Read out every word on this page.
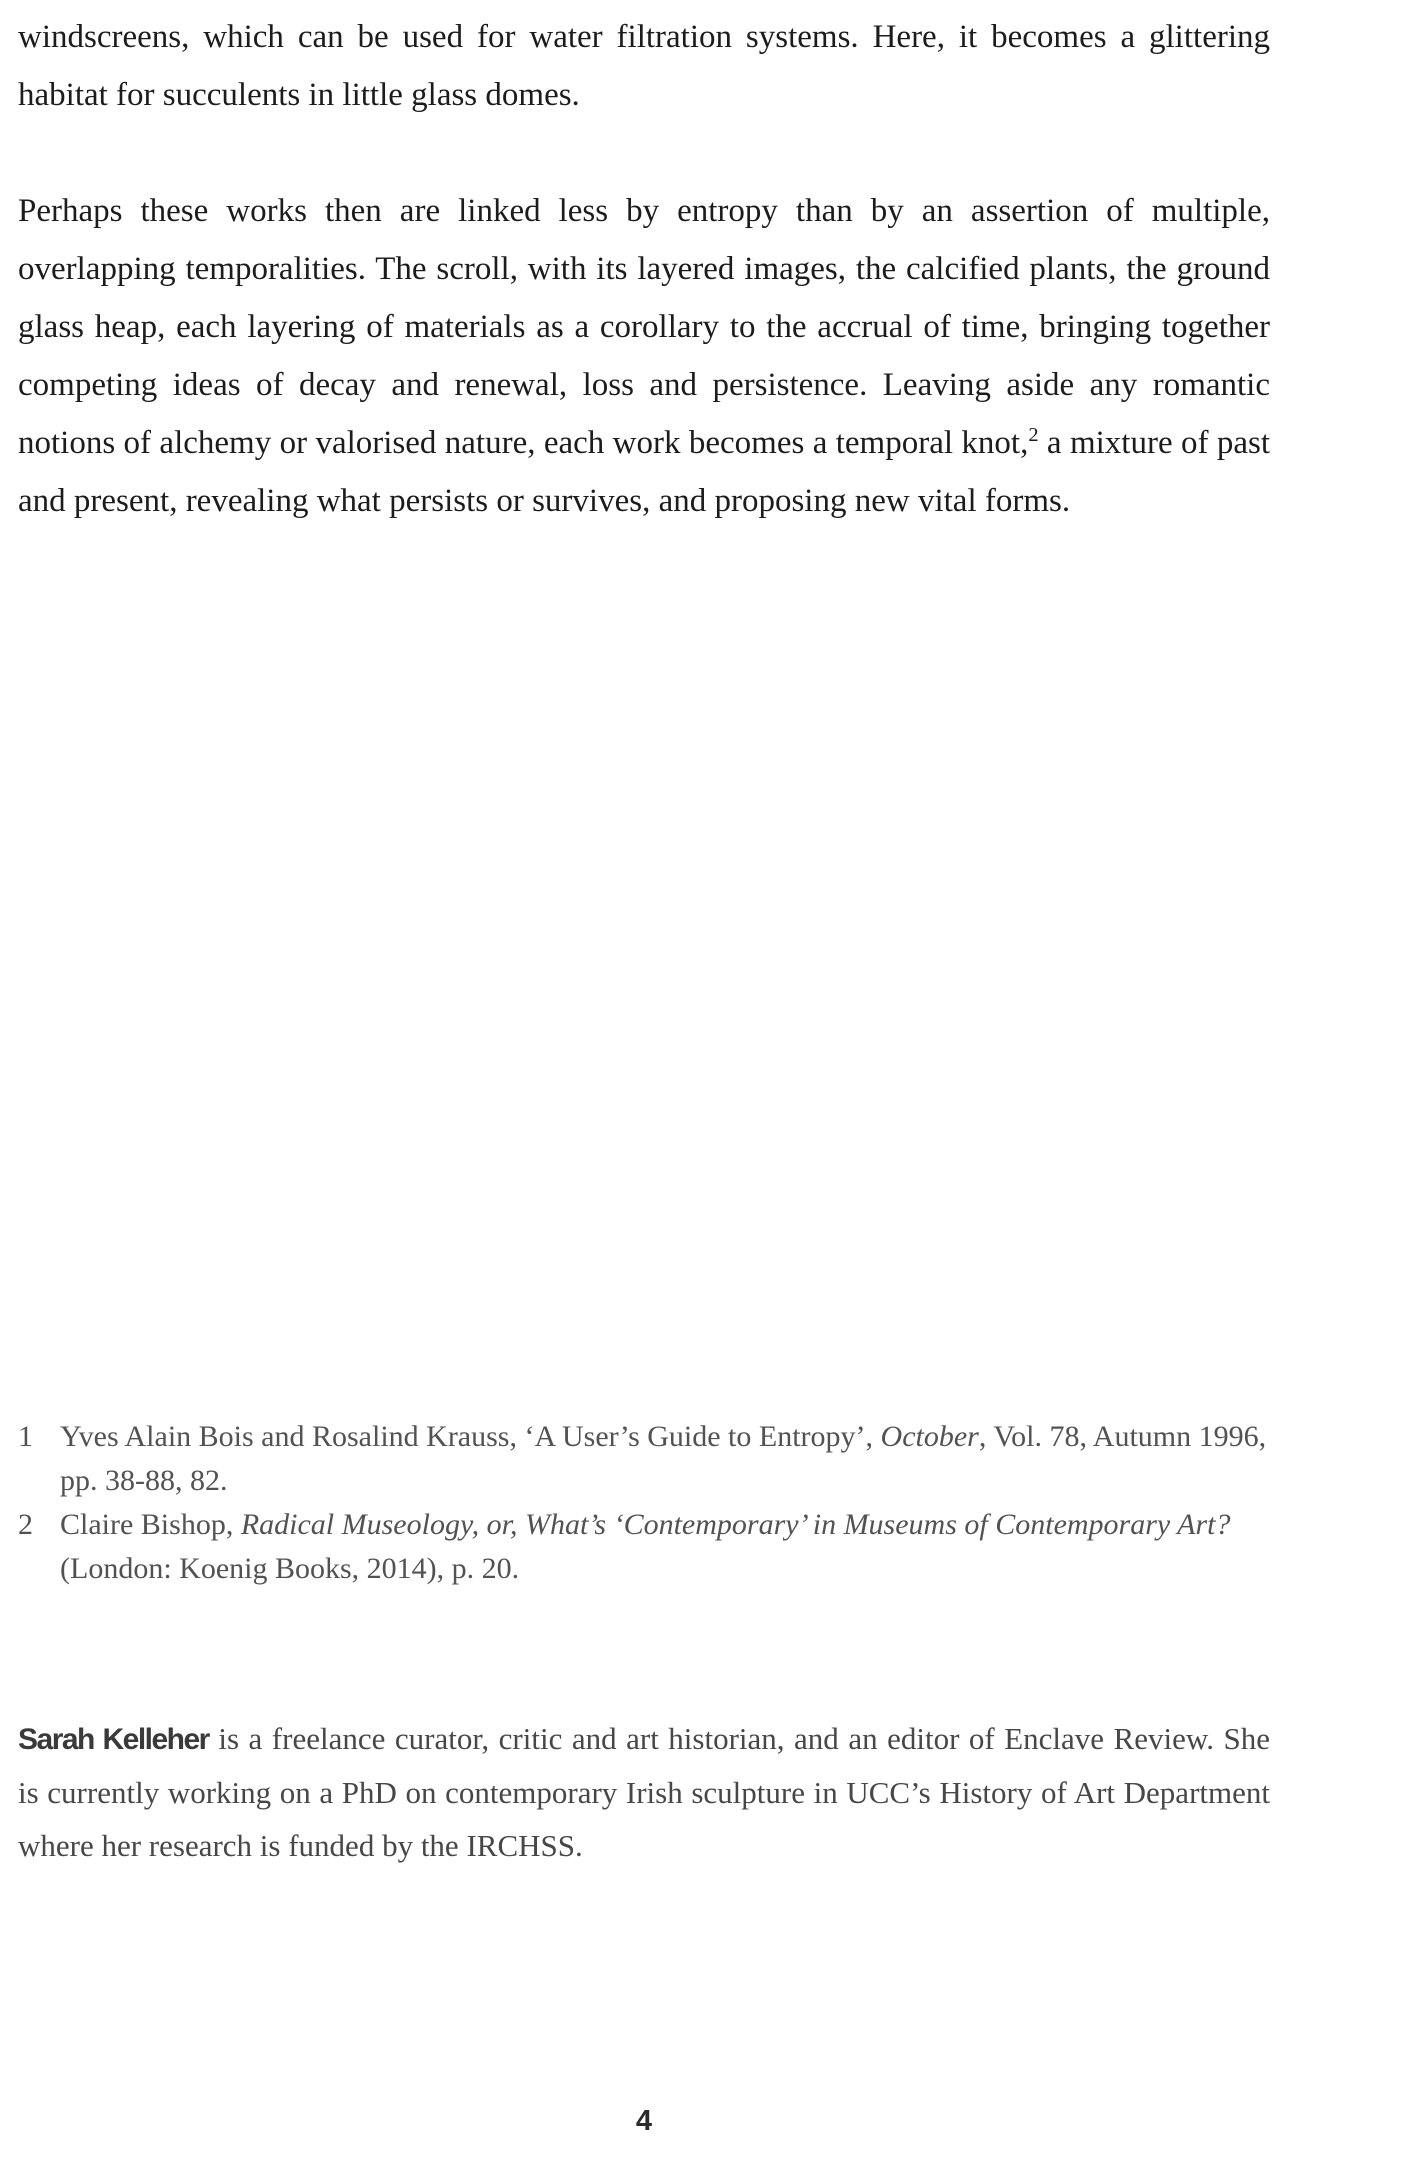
windscreens, which can be used for water filtration systems. Here, it becomes a glittering habitat for succulents in little glass domes.

Perhaps these works then are linked less by entropy than by an assertion of multiple, overlapping temporalities. The scroll, with its layered images, the calcified plants, the ground glass heap, each layering of materials as a corollary to the accrual of time, bringing together competing ideas of decay and renewal, loss and persistence. Leaving aside any romantic notions of alchemy or valorised nature, each work becomes a temporal knot,$^2$ a mixture of past and present, revealing what persists or survives, and proposing new vital forms.

1 Yves Alain Bois and Rosalind Krauss, ‘A User’s Guide to Entropy’, October, Vol. 78, Autumn 1996, pp. 38-88, 82.
2 Claire Bishop, Radical Museology, or, What’s ‘Contemporary’ in Museums of Contemporary Art? (London: Koenig Books, 2014), p. 20.

Sarah Kelleher is a freelance curator, critic and art historian, and an editor of Enclave Review. She is currently working on a PhD on contemporary Irish sculpture in UCC’s History of Art Department where her research is funded by the IRCHSS.

4
